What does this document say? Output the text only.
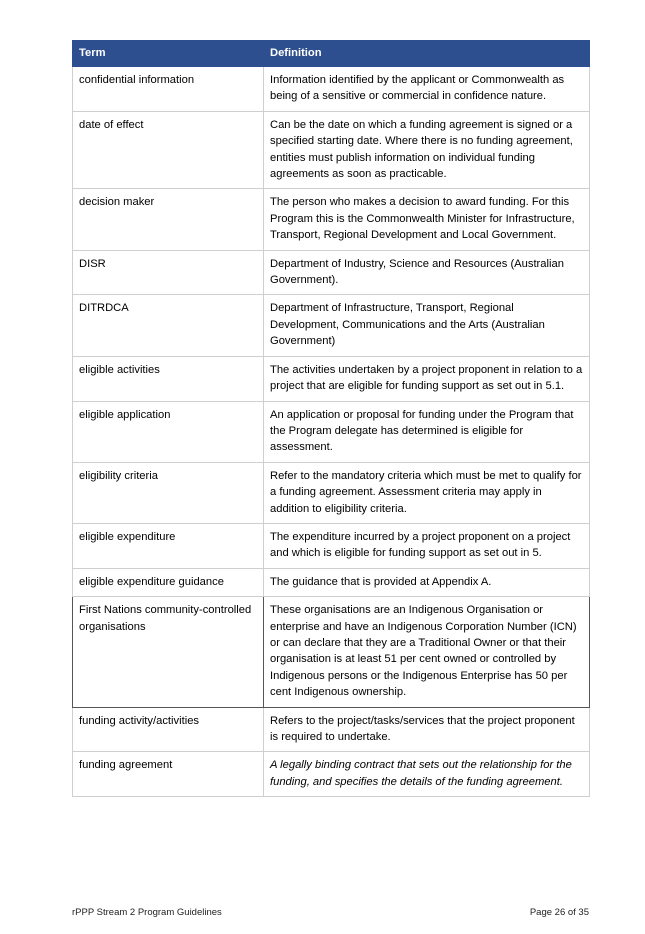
Term	Definition
confidential information	Information identified by the applicant or Commonwealth as being of a sensitive or commercial in confidence nature.
date of effect	Can be the date on which a funding agreement is signed or a specified starting date. Where there is no funding agreement, entities must publish information on individual funding agreements as soon as practicable.
decision maker	The person who makes a decision to award funding. For this Program this is the Commonwealth Minister for Infrastructure, Transport, Regional Development and Local Government.
DISR	Department of Industry, Science and Resources (Australian Government).
DITRDCA	Department of Infrastructure, Transport, Regional Development, Communications and the Arts (Australian Government)
eligible activities	The activities undertaken by a project proponent in relation to a project that are eligible for funding support as set out in 5.1.
eligible application	An application or proposal for funding under the Program that the Program delegate has determined is eligible for assessment.
eligibility criteria	Refer to the mandatory criteria which must be met to qualify for a funding agreement. Assessment criteria may apply in addition to eligibility criteria.
eligible expenditure	The expenditure incurred by a project proponent on a project and which is eligible for funding support as set out in 5.
eligible expenditure guidance	The guidance that is provided at Appendix A.
First Nations community-controlled organisations	These organisations are an Indigenous Organisation or enterprise and have an Indigenous Corporation Number (ICN) or can declare that they are a Traditional Owner or that their organisation is at least 51 per cent owned or controlled by Indigenous persons or the Indigenous Enterprise has 50 per cent Indigenous ownership.
funding activity/activities	Refers to the project/tasks/services that the project proponent is required to undertake.
funding agreement	A legally binding contract that sets out the relationship for the funding, and specifies the details of the funding agreement.
rPPP Stream 2 Program Guidelines	Page 26 of 35
